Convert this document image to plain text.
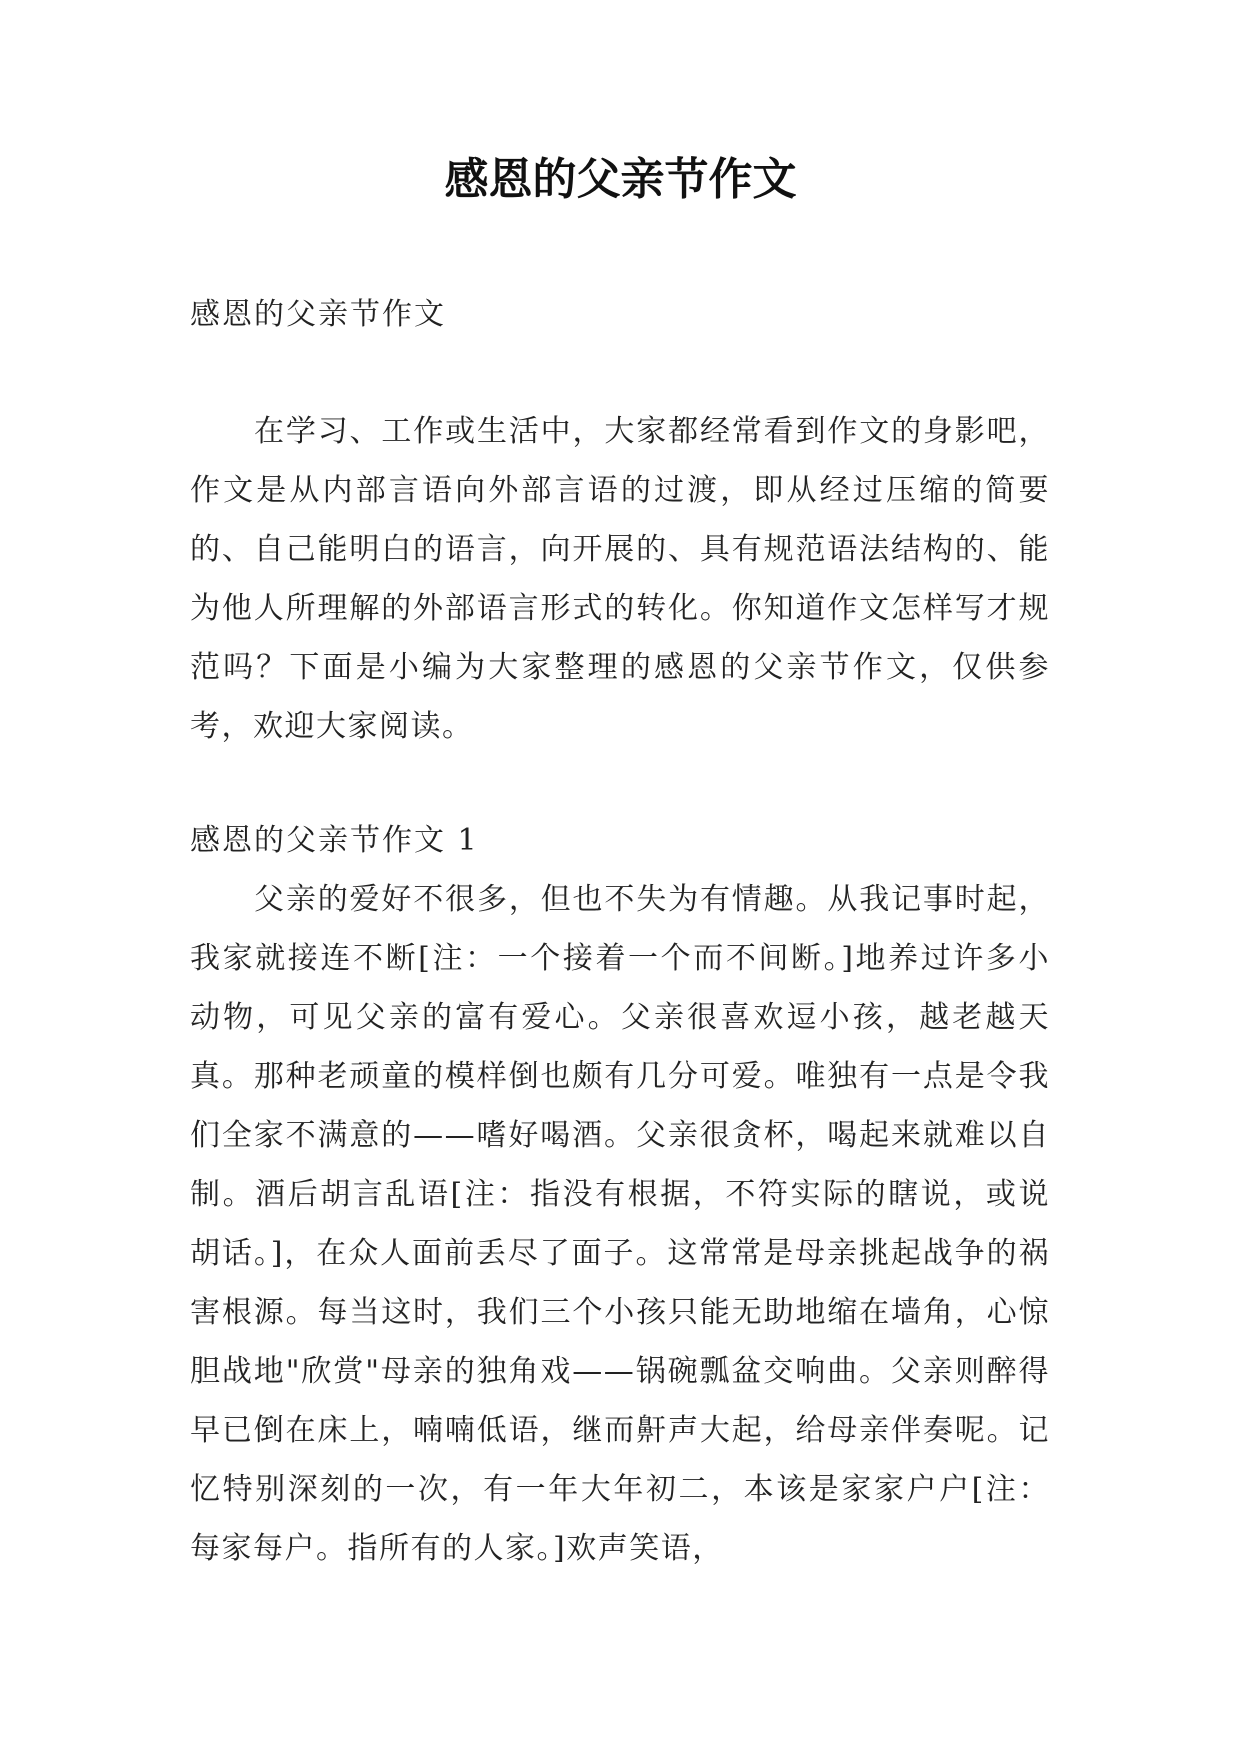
感恩的父亲节作文

感恩的父亲节作文

在学习、工作或生活中，大家都经常看到作文的身影吧，作文是从内部言语向外部言语的过渡，即从经过压缩的简要的、自己能明白的语言，向开展的、具有规范语法结构的、能为他人所理解的外部语言形式的转化。你知道作文怎样写才规范吗？下面是小编为大家整理的感恩的父亲节作文，仅供参考，欢迎大家阅读。

感恩的父亲节作文 1

父亲的爱好不很多，但也不失为有情趣。从我记事时起，我家就接连不断[注：一个接着一个而不间断。]地养过许多小动物，可见父亲的富有爱心。父亲很喜欢逗小孩，越老越天真。那种老顽童的模样倒也颇有几分可爱。唯独有一点是令我们全家不满意的——嗜好喝酒。父亲很贪杯，喝起来就难以自制。酒后胡言乱语[注：指没有根据，不符实际的瞎说，或说胡话。]，在众人面前丢尽了面子。这常常是母亲挑起战争的祸害根源。每当这时，我们三个小孩只能无助地缩在墙角，心惊胆战地"欣赏"母亲的独角戏——锅碗瓢盆交响曲。父亲则醉得早已倒在床上，喃喃低语，继而鼾声大起，给母亲伴奏呢。记忆特别深刻的一次，有一年大年初二，本该是家家户户[注：每家每户。指所有的人家。]欢声笑语，
